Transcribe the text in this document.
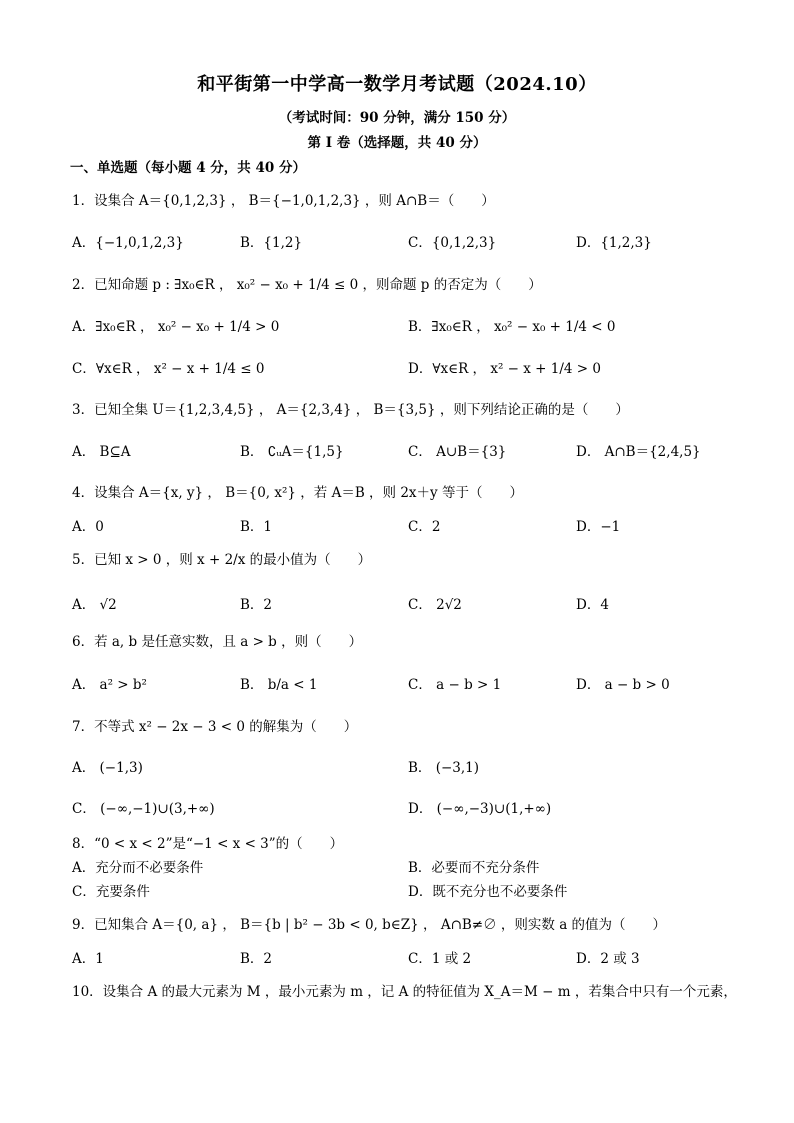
和平街第一中学高一数学月考试题（2024.10）
（考试时间：90 分钟，满分 150 分）
第 I 卷（选择题，共 40 分）
一、单选题（每小题 4 分，共 40 分）
1．设集合 A＝{0,1,2,3} ， B＝{−1,0,1,2,3} ，则 A∩B＝（　　）
A．{−1,0,1,2,3}	B．{1,2}	C．{0,1,2,3}	D．{1,2,3}
2．已知命题 p : ∃x₀∈R ， x₀² − x₀ + 1/4 ≤ 0 ，则命题 p 的否定为（　　）
A．∃x₀∈R ， x₀² − x₀ + 1/4 > 0	B．∃x₀∈R ， x₀² − x₀ + 1/4 < 0
C．∀x∈R ， x² − x + 1/4 ≤ 0	D．∀x∈R ， x² − x + 1/4 > 0
3．已知全集 U＝{1,2,3,4,5} ， A＝{2,3,4} ， B＝{3,5} ，则下列结论正确的是（　　）
A． B⊆A	B． ∁ᵤA＝{1,5}	C． A∪B＝{3}	D． A∩B＝{2,4,5}
4．设集合 A＝{x, y} ， B＝{0, x²} ，若 A＝B ，则 2x＋y 等于（　　）
A．0	B．1	C．2	D．−1
5．已知 x > 0 ，则 x + 2/x 的最小值为（　　）
A． √2	B．2	C． 2√2	D．4
6．若 a, b 是任意实数，且 a > b ，则（　　）
A． a² > b²	B． b/a < 1	C． a − b > 1	D． a − b > 0
7．不等式 x² − 2x − 3 < 0 的解集为（　　）
A． (−1,3)	B． (−3,1)
C． (−∞,−1)∪(3,+∞)	D． (−∞,−3)∪(1,+∞)
8．“0 < x < 2”是“−1 < x < 3”的（　　）
A．充分而不必要条件	B．必要而不充分条件
C．充要条件	D．既不充分也不必要条件
9．已知集合 A＝{0, a} ， B＝{b | b² − 3b < 0, b∈Z} ， A∩B≠∅ ，则实数 a 的值为（　　）
A．1	B．2	C．1 或 2	D．2 或 3
10．设集合 A 的最大元素为 M ，最小元素为 m ，记 A 的特征值为 X_A＝M − m ，若集合中只有一个元素，
